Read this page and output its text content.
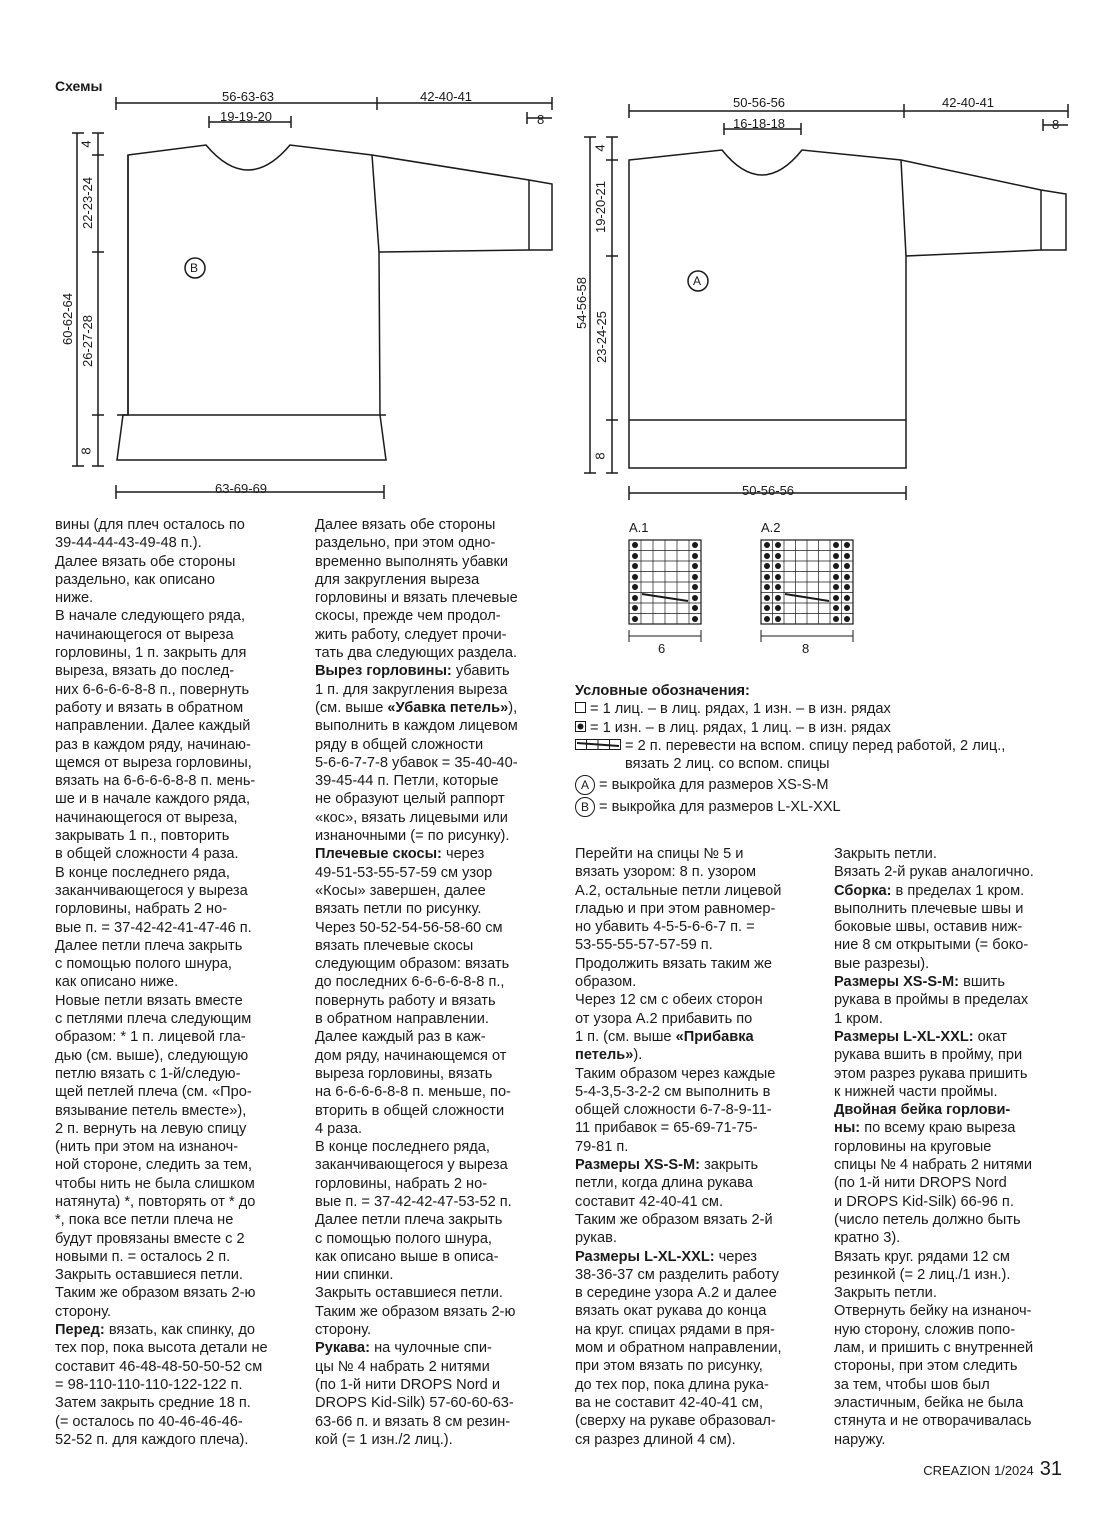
Схемы
56-63-63
19-19-20
42-40-41
8
B
4
22-23-24
60-62-64 26-27-28
8
63-69-69
50-56-56
16-18-18
42-40-41
8
A
4
19-20-21
54-56-58
23-24-25
8
50-56-56
A.1
6
A.2
8
Условные обозначения:
= 1 лиц. – в лиц. рядах, 1 изн. – в изн. рядах
= 1 изн. – в лиц. рядах, 1 лиц. – в изн. рядах
= 2 п. перевести на вспом. спицу перед работой, 2 лиц.,
вязать 2 лиц. со вспом. спицы
A = выкройка для размеров XS-S-M
B = выкройка для размеров L-XL-XXL

вины (для плеч осталось по

39-44-44-43-49-48 п.).

Далее вязать обе стороны

раздельно, как описано

ниже.

В начале следующего ряда,

начинающегося от выреза

горловины, 1 п. закрыть для

выреза, вязать до послед-

них 6-6-6-6-8-8 п., повернуть

работу и вязать в обратном

направлении. Далее каждый

раз в каждом ряду, начинаю-

щемся от выреза горловины,

вязать на 6-6-6-6-8-8 п. мень-

ше и в начале каждого ряда,

начинающегося от выреза,

закрывать 1 п., повторить

в общей сложности 4 раза.

В конце последнего ряда,

заканчивающегося у выреза

горловины, набрать 2 но-

вые п. = 37-42-42-41-47-46 п.

Далее петли плеча закрыть

с помощью полого шнура,

как описано ниже.

Новые петли вязать вместе

с петлями плеча следующим

образом: * 1 п. лицевой гла-

дью (см. выше), следующую

петлю вязать с 1-й/следую-

щей петлей плеча (см. «Про-

вязывание петель вместе»),

2 п. вернуть на левую спицу

(нить при этом на изнаноч-

ной стороне, следить за тем,

чтобы нить не была слишком

натянута) *, повторять от * до

*, пока все петли плеча не

будут провязаны вместе с 2

новыми п. = осталось 2 п.

Закрыть оставшиеся петли.

Таким же образом вязать 2-ю

сторону.

Перед: вязать, как спинку, до

тех пор, пока высота детали не

составит 46-48-48-50-50-52 см

= 98-110-110-110-122-122 п.

Затем закрыть средние 18 п.

(= осталось по 40-46-46-46-

52-52 п. для каждого плеча).

Далее вязать обе стороны

раздельно, при этом одно-

временно выполнять убавки

для закругления выреза

горловины и вязать плечевые

скосы, прежде чем продол-

жить работу, следует прочи-

тать два следующих раздела.

Вырез горловины: убавить

1 п. для закругления выреза

(см. выше «Убавка петель»),

выполнить в каждом лицевом

ряду в общей сложности

5-6-6-7-7-8 убавок = 35-40-40-

39-45-44 п. Петли, которые

не образуют целый раппорт

«кос», вязать лицевыми или

изнаночными (= по рисунку).

Плечевые скосы: через

49-51-53-55-57-59 см узор

«Косы» завершен, далее

вязать петли по рисунку.

Через 50-52-54-56-58-60 см

вязать плечевые скосы

следующим образом: вязать

до последних 6-6-6-6-8-8 п.,

повернуть работу и вязать

в обратном направлении.

Далее каждый раз в каж-

дом ряду, начинающемся от

выреза горловины, вязать

на 6-6-6-6-8-8 п. меньше, по-

вторить в общей сложности

4 раза.

В конце последнего ряда,

заканчивающегося у выреза

горловины, набрать 2 но-

вые п. = 37-42-42-47-53-52 п.

Далее петли плеча закрыть

с помощью полого шнура,

как описано выше в описа-

нии спинки.

Закрыть оставшиеся петли.

Таким же образом вязать 2-ю

сторону.

Рукава: на чулочные спи-

цы № 4 набрать 2 нитями

(по 1-й нити DROPS Nord и

DROPS Kid-Silk) 57-60-60-63-

63-66 п. и вязать 8 см резин-

кой (= 1 изн./2 лиц.).

Перейти на спицы № 5 и

вязать узором: 8 п. узором

А.2, остальные петли лицевой

гладью и при этом равномер-

но убавить 4-5-5-6-6-7 п. =

53-55-55-57-57-59 п.

Продолжить вязать таким же

образом.

Через 12 см с обеих сторон

от узора А.2 прибавить по

1 п. (см. выше «Прибавка

петель»).

Таким образом через каждые

5-4-3,5-3-2-2 см выполнить в

общей сложности 6-7-8-9-11-

11 прибавок = 65-69-71-75-

79-81 п.

Размеры XS-S-M: закрыть

петли, когда длина рукава

составит 42-40-41 см.

Таким же образом вязать 2-й

рукав.

Размеры L-XL-XXL: через

38-36-37 см разделить работу

в середине узора А.2 и далее

вязать окат рукава до конца

на круг. спицах рядами в пря-

мом и обратном направлении,

при этом вязать по рисунку,

до тех пор, пока длина рука-

ва не составит 42-40-41 см,

(сверху на рукаве образовал-

ся разрез длиной 4 см).

Закрыть петли.

Вязать 2-й рукав аналогично.

Сборка: в пределах 1 кром.

выполнить плечевые швы и

боковые швы, оставив ниж-

ние 8 см открытыми (= боко-

вые разрезы).

Размеры XS-S-M: вшить

рукава в проймы в пределах

1 кром.

Размеры L-XL-XXL: окат

рукава вшить в пройму, при

этом разрез рукава пришить

к нижней части проймы.

Двойная бейка горлови-

ны: по всему краю выреза

горловины на круговые

спицы № 4 набрать 2 нитями

(по 1-й нити DROPS Nord

и DROPS Kid-Silk) 66-96 п.

(число петель должно быть

кратно 3).

Вязать круг. рядами 12 см

резинкой (= 2 лиц./1 изн.).

Закрыть петли.

Отвернуть бейку на изнаноч-

ную сторону, сложив попо-

лам, и пришить с внутренней

стороны, при этом следить

за тем, чтобы шов был

эластичным, бейка не была

стянута и не отворачивалась

наружу.

CREAZION 1/2024 31
